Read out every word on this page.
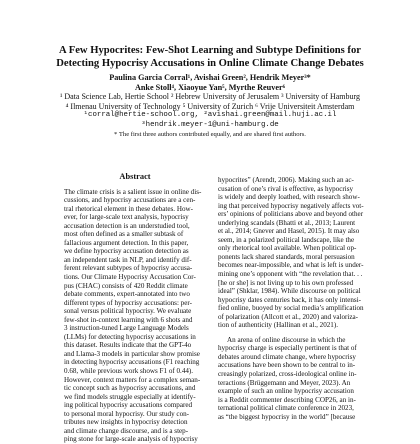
A Few Hypocrites: Few-Shot Learning and Subtype Definitions for
Detecting Hypocrisy Accusations in Online Climate Change Debates
Paulina Garcia Corral¹, Avishai Green², Hendrik Meyer³*
Anke Stoll⁴, Xiaoyue Yan⁵, Myrthe Reuver⁶
¹ Data Science Lab, Hertie School ² Hebrew University of Jerusalem ³ University of Hamburg
⁴ Ilmenau University of Technology ⁵ University of Zurich ⁶ Vrije Universiteit Amsterdam
¹corral@hertie-school.org, ²avishai.green@mail.huji.ac.il
³hendrik.meyer-1@uni-hamburg.de
* The first three authors contributed equally, and are shared first authors.
Abstract
The climate crisis is a salient issue in online dis-
cussions, and hypocrisy accusations are a cen-
tral rhetorical element in these debates. How-
ever, for large-scale text analysis, hypocrisy
accusation detection is an understudied tool,
most often defined as a smaller subtask of
fallacious argument detection. In this paper,
we define hypocrisy accusation detection as
an independent task in NLP, and identify dif-
ferent relevant subtypes of hypocrisy accusa-
tions. Our Climate Hypocrisy Accusation Cor-
pus (CHAC) consists of 420 Reddit climate
debate comments, expert-annotated into two
different types of hypocrisy accusations: per-
sonal versus political hypocrisy. We evaluate
few-shot in-context learning with 6 shots and
3 instruction-tuned Large Language Models
(LLMs) for detecting hypocrisy accusations in
this dataset. Results indicate that the GPT-4o
and Llama-3 models in particular show promise
in detecting hypocrisy accusations (F1 reaching
0.68, while previous work shows F1 of 0.44).
However, context matters for a complex seman-
tic concept such as hypocrisy accusations, and
we find models struggle especially at identify-
ing political hypocrisy accusations compared
to personal moral hypocrisy. Our study con-
tributes new insights in hypocrisy detection
and climate change discourse, and is a step-
ping stone for large-scale analysis of hypocrisy
hypocrites” (Arendt, 2006). Making such an ac-
cusation of one’s rival is effective, as hypocrisy
is widely and deeply loathed, with research show-
ing that perceived hypocrisy negatively affects vot-
ers’ opinions of politicians above and beyond other
underlying scandals (Bhatti et al., 2013; Laurent
et al., 2014; Gnever and Hasel, 2015). It may also
seem, in a polarized political landscape, like the
only rhetorical tool available. When political op-
ponents lack shared standards, moral persuasion
becomes near-impossible, and what is left is under-
mining one’s opponent with “the revelation that. . .
[he or she] is not living up to his own professed
ideal” (Shklar, 1984). While discourse on political
hypocrisy dates centuries back, it has only intensi-
fied online, buoyed by social media’s amplification
of polarization (Allcott et al., 2020) and valoriza-
tion of authenticity (Hallinan et al., 2021).
An arena of online discourse in which the
hypocrisy charge is especially pertinent is that of
debates around climate change, where hypocrisy
accusations have been shown to be central to in-
creasingly polarized, cross-ideological online in-
teractions (Brüggemann and Meyer, 2023). An
example of such an online hypocrisy accusation
is a Reddit commenter describing COP26, an in-
ternational political climate conference in 2023,
as “the biggest hypocrisy in the world” [because
